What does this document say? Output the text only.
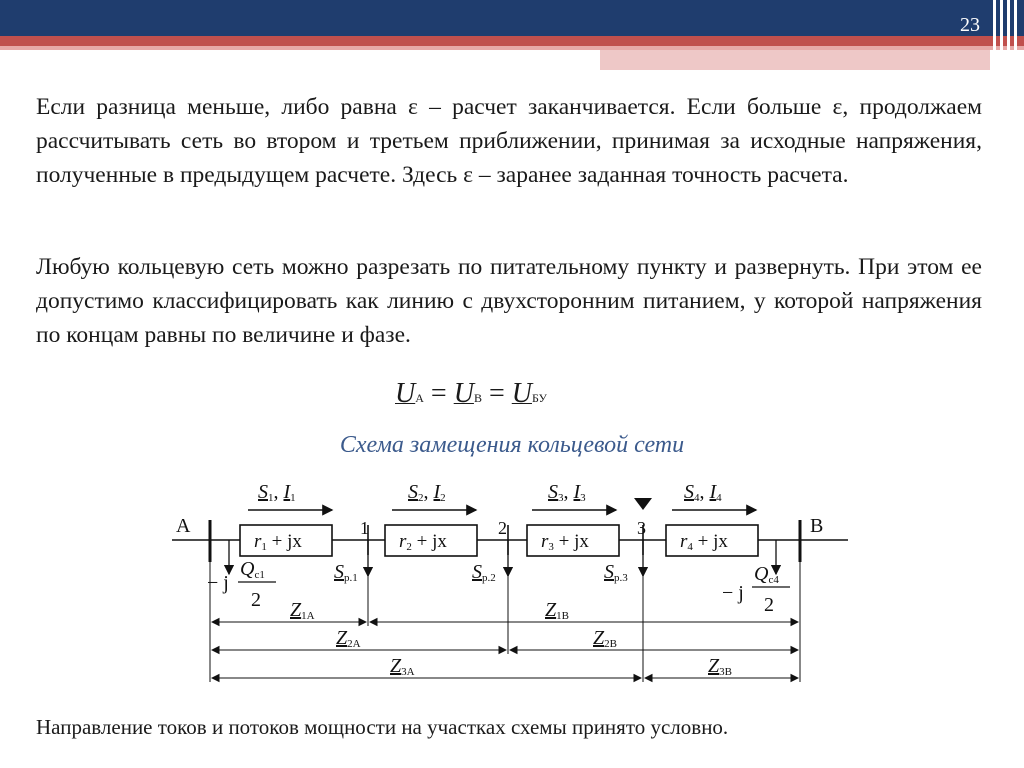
23

Если разница меньше, либо равна ε – расчет заканчивается. Если больше ε, продолжаем рассчитывать сеть во втором и третьем приближении, принимая за исходные напряжения, полученные в предыдущем расчете. Здесь ε – заранее заданная точность расчета.

Любую кольцевую сеть можно разрезать по питательному пункту и развернуть. При этом ее допустимо классифицировать как линию с двухсторонним питанием, у которой напряжения по концам равны по величине и фазе.

UА = UВ = UБУ
Схема замещения кольцевой сети
А	В
1	2	3
r1 + jx	r2 + jx	r3 + jx	r4 + jx
S1, I1	S2, I2	S3, I3	S4, I4
Sр.1	Sр.2	Sр.3
− j
Qc1
2	− j
Qc4
2
Z1А	Z1В
Z2А	Z2В
Z3А	Z3В
Направление токов и потоков мощности на участках схемы принято условно.
